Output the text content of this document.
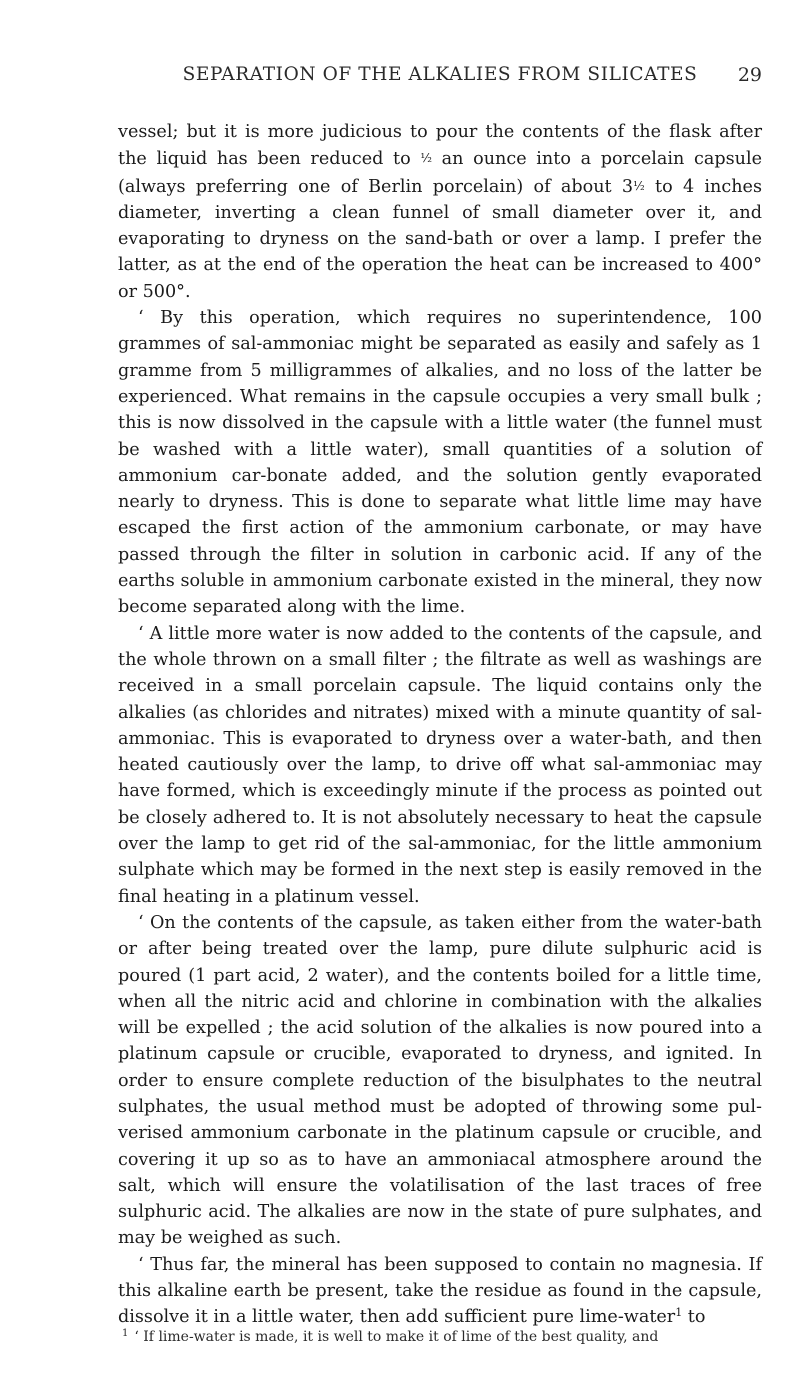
SEPARATION OF THE ALKALIES FROM SILICATES	29

vessel; but it is more judicious to pour the contents of the flask after the liquid has been reduced to ½ an ounce into a porcelain capsule (always preferring one of Berlin porcelain) of about 3½ to 4 inches diameter, inverting a clean funnel of small diameter over it, and evaporating to dryness on the sand-bath or over a lamp. I prefer the latter, as at the end of the operation the heat can be increased to 400° or 500°.

‘ By this operation, which requires no superintendence, 100 grammes of sal-ammoniac might be separated as easily and safely as 1 gramme from 5 milligrammes of alkalies, and no loss of the latter be experienced. What remains in the capsule occupies a very small bulk ; this is now dissolved in the capsule with a little water (the funnel must be washed with a little water), small quantities of a solution of ammonium car-bonate added, and the solution gently evaporated nearly to dryness. This is done to separate what little lime may have escaped the first action of the ammonium carbonate, or may have passed through the filter in solution in carbonic acid. If any of the earths soluble in ammonium carbonate existed in the mineral, they now become separated along with the lime.

‘ A little more water is now added to the contents of the capsule, and the whole thrown on a small filter ; the filtrate as well as washings are received in a small porcelain capsule. The liquid contains only the alkalies (as chlorides and nitrates) mixed with a minute quantity of sal-ammoniac. This is evaporated to dryness over a water-bath, and then heated cautiously over the lamp, to drive off what sal-ammoniac may have formed, which is exceedingly minute if the process as pointed out be closely adhered to. It is not absolutely necessary to heat the capsule over the lamp to get rid of the sal-ammoniac, for the little ammonium sulphate which may be formed in the next step is easily removed in the final heating in a platinum vessel.

‘ On the contents of the capsule, as taken either from the water-bath or after being treated over the lamp, pure dilute sulphuric acid is poured (1 part acid, 2 water), and the contents boiled for a little time, when all the nitric acid and chlorine in combination with the alkalies will be expelled ; the acid solution of the alkalies is now poured into a platinum capsule or crucible, evaporated to dryness, and ignited. In order to ensure complete reduction of the bisulphates to the neutral sulphates, the usual method must be adopted of throwing some pul-verised ammonium carbonate in the platinum capsule or crucible, and covering it up so as to have an ammoniacal atmosphere around the salt, which will ensure the volatilisation of the last traces of free sulphuric acid. The alkalies are now in the state of pure sulphates, and may be weighed as such.

‘ Thus far, the mineral has been supposed to contain no magnesia. If this alkaline earth be present, take the residue as found in the capsule, dissolve it in a little water, then add sufficient pure lime-water$^1$ to

$^1$ ‘ If lime-water is made, it is well to make it of lime of the best quality, and
